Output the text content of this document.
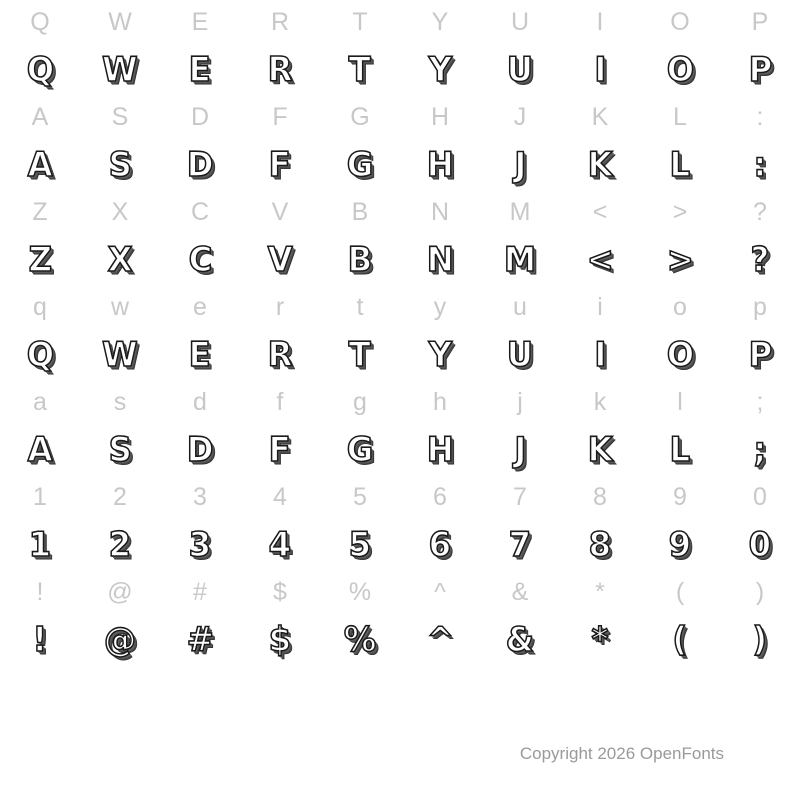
Q	W	E	R	T	Y	U	I	O	P
Q W E R T Y U I O P
A	S	D	F	G	H	J	K	L	:
A S D F G H J K L :
Z	X	C	V	B	N	M	<	>	?
Z X C V B N M < > ?
q	w	e	r	t	y	u	i	o	p
Q W E R T Y U I O P
a	s	d	f	g	h	j	k	l	;
A S D F G H J K L ;
1	2	3	4	5	6	7	8	9	0
1 2 3 4 5 6 7 8 9 0
!	@	#	$	%	^	&	*	(	)
! @ # $ % ^ & * ( )
Copyright 2026 OpenFonts
